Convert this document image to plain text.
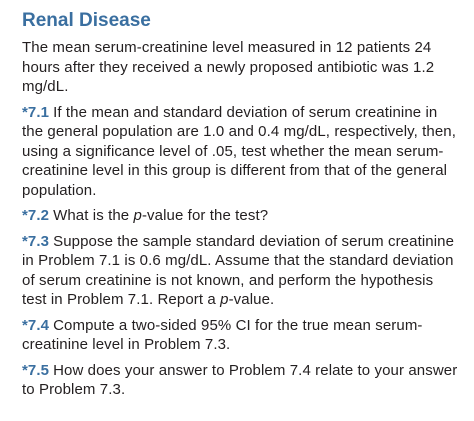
Renal Disease

The mean serum-creatinine level measured in 12 patients 24 hours after they received a newly proposed antibiotic was 1.2 mg/dL.

*7.1 If the mean and standard deviation of serum creatinine in the general population are 1.0 and 0.4 mg/dL, respectively, then, using a significance level of .05, test whether the mean serum-creatinine level in this group is different from that of the general population.

*7.2 What is the p-value for the test?

*7.3 Suppose the sample standard deviation of serum creatinine in Problem 7.1 is 0.6 mg/dL. Assume that the standard deviation of serum creatinine is not known, and perform the hypothesis test in Problem 7.1. Report a p-value.

*7.4 Compute a two-sided 95% CI for the true mean serum-creatinine level in Problem 7.3.

*7.5 How does your answer to Problem 7.4 relate to your answer to Problem 7.3.
